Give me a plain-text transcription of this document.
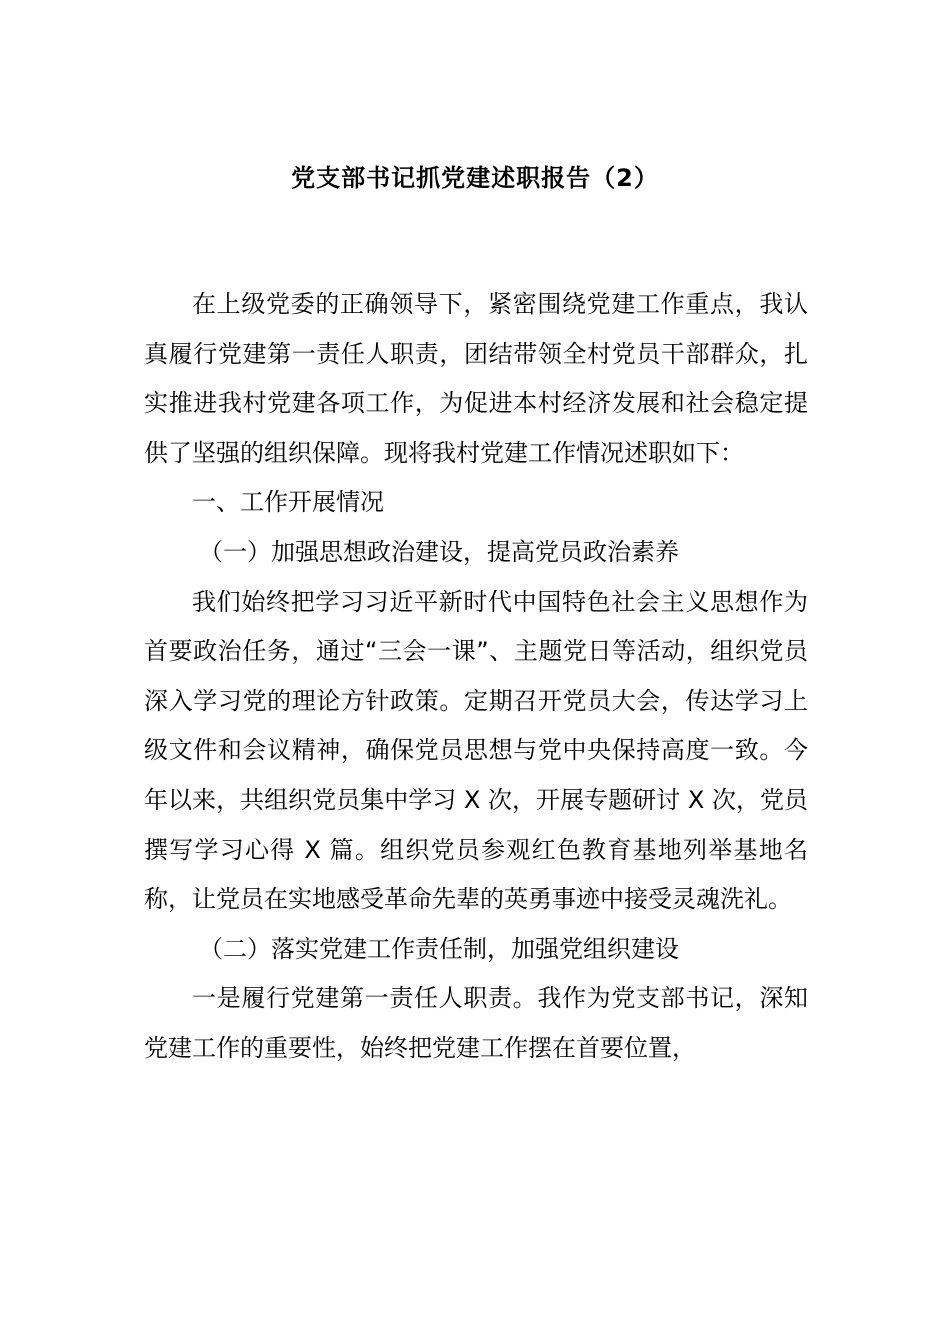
党支部书记抓党建述职报告（2）

在上级党委的正确领导下，紧密围绕党建工作重点，我认真履行党建第一责任人职责，团结带领全村党员干部群众，扎实推进我村党建各项工作，为促进本村经济发展和社会稳定提供了坚强的组织保障。现将我村党建工作情况述职如下：

一、工作开展情况

（一）加强思想政治建设，提高党员政治素养

我们始终把学习习近平新时代中国特色社会主义思想作为首要政治任务，通过“三会一课”、主题党日等活动，组织党员深入学习党的理论方针政策。定期召开党员大会，传达学习上级文件和会议精神，确保党员思想与党中央保持高度一致。今年以来，共组织党员集中学习 X 次，开展专题研讨 X 次，党员撰写学习心得 X 篇。组织党员参观红色教育基地列举基地名称，让党员在实地感受革命先辈的英勇事迹中接受灵魂洗礼。

（二）落实党建工作责任制，加强党组织建设

一是履行党建第一责任人职责。我作为党支部书记，深知党建工作的重要性，始终把党建工作摆在首要位置，
